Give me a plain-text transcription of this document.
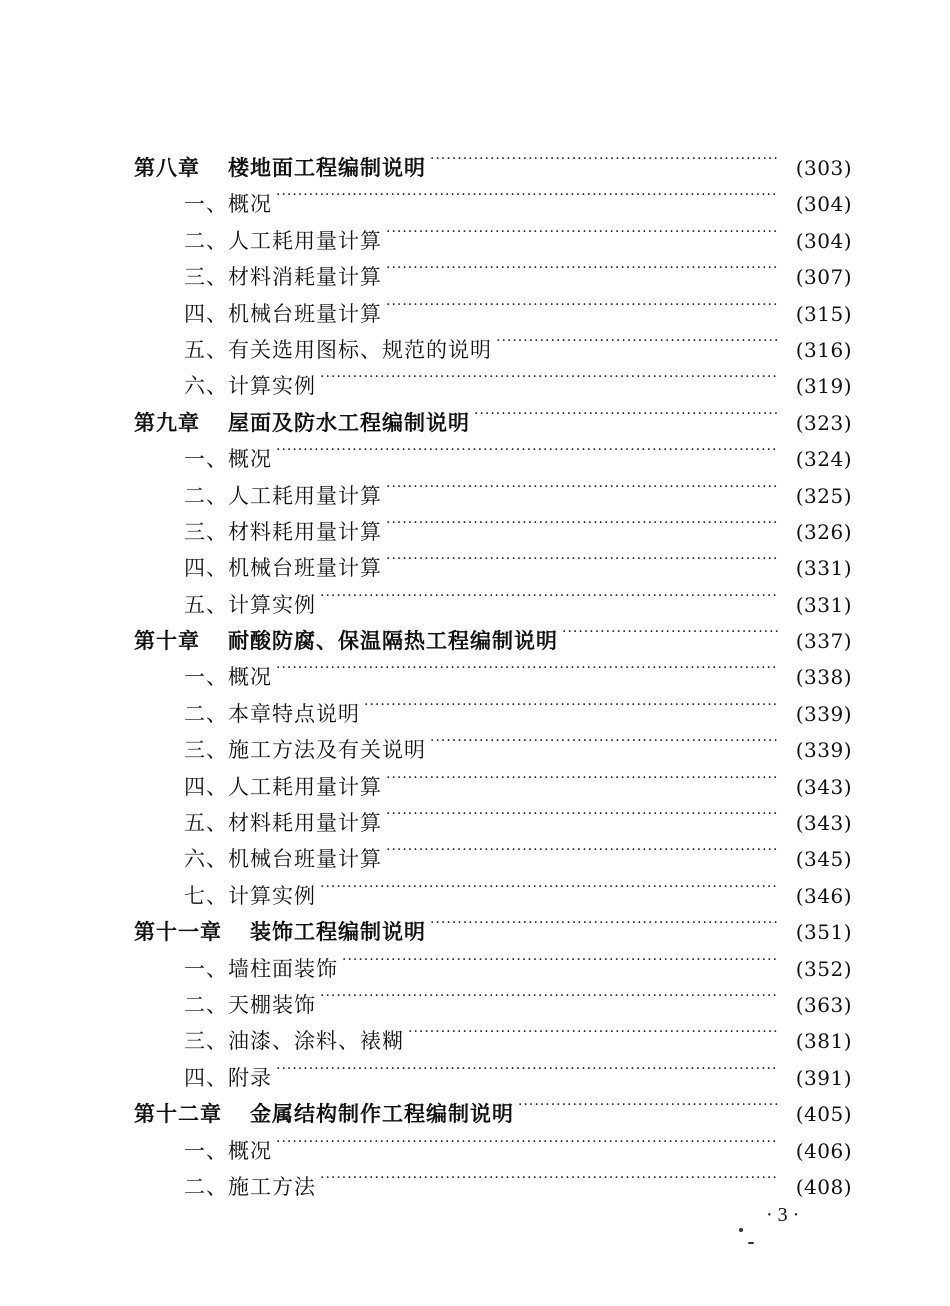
第八章 楼地面工程编制说明 ·····	(303)
一、概况 ·····	(304)
二、人工耗用量计算 ·····	(304)
三、材料消耗量计算 ·····	(307)
四、机械台班量计算 ·····	(315)
五、有关选用图标、规范的说明 ·····	(316)
六、计算实例 ·····	(319)
第九章 屋面及防水工程编制说明 ·····	(323)
一、概况 ·····	(324)
二、人工耗用量计算 ·····	(325)
三、材料耗用量计算 ·····	(326)
四、机械台班量计算 ·····	(331)
五、计算实例 ·····	(331)
第十章 耐酸防腐、保温隔热工程编制说明 ·····	(337)
一、概况 ·····	(338)
二、本章特点说明 ·····	(339)
三、施工方法及有关说明 ·····	(339)
四、人工耗用量计算 ·····	(343)
五、材料耗用量计算 ·····	(343)
六、机械台班量计算 ·····	(345)
七、计算实例 ·····	(346)
第十一章 装饰工程编制说明 ·····	(351)
一、墙柱面装饰 ·····	(352)
二、天棚装饰 ·····	(363)
三、油漆、涂料、裱糊 ·····	(381)
四、附录 ·····	(391)
第十二章 金属结构制作工程编制说明 ·····	(405)
一、概况 ·····	(406)
二、施工方法 ·····	(408)
· 3 ·
